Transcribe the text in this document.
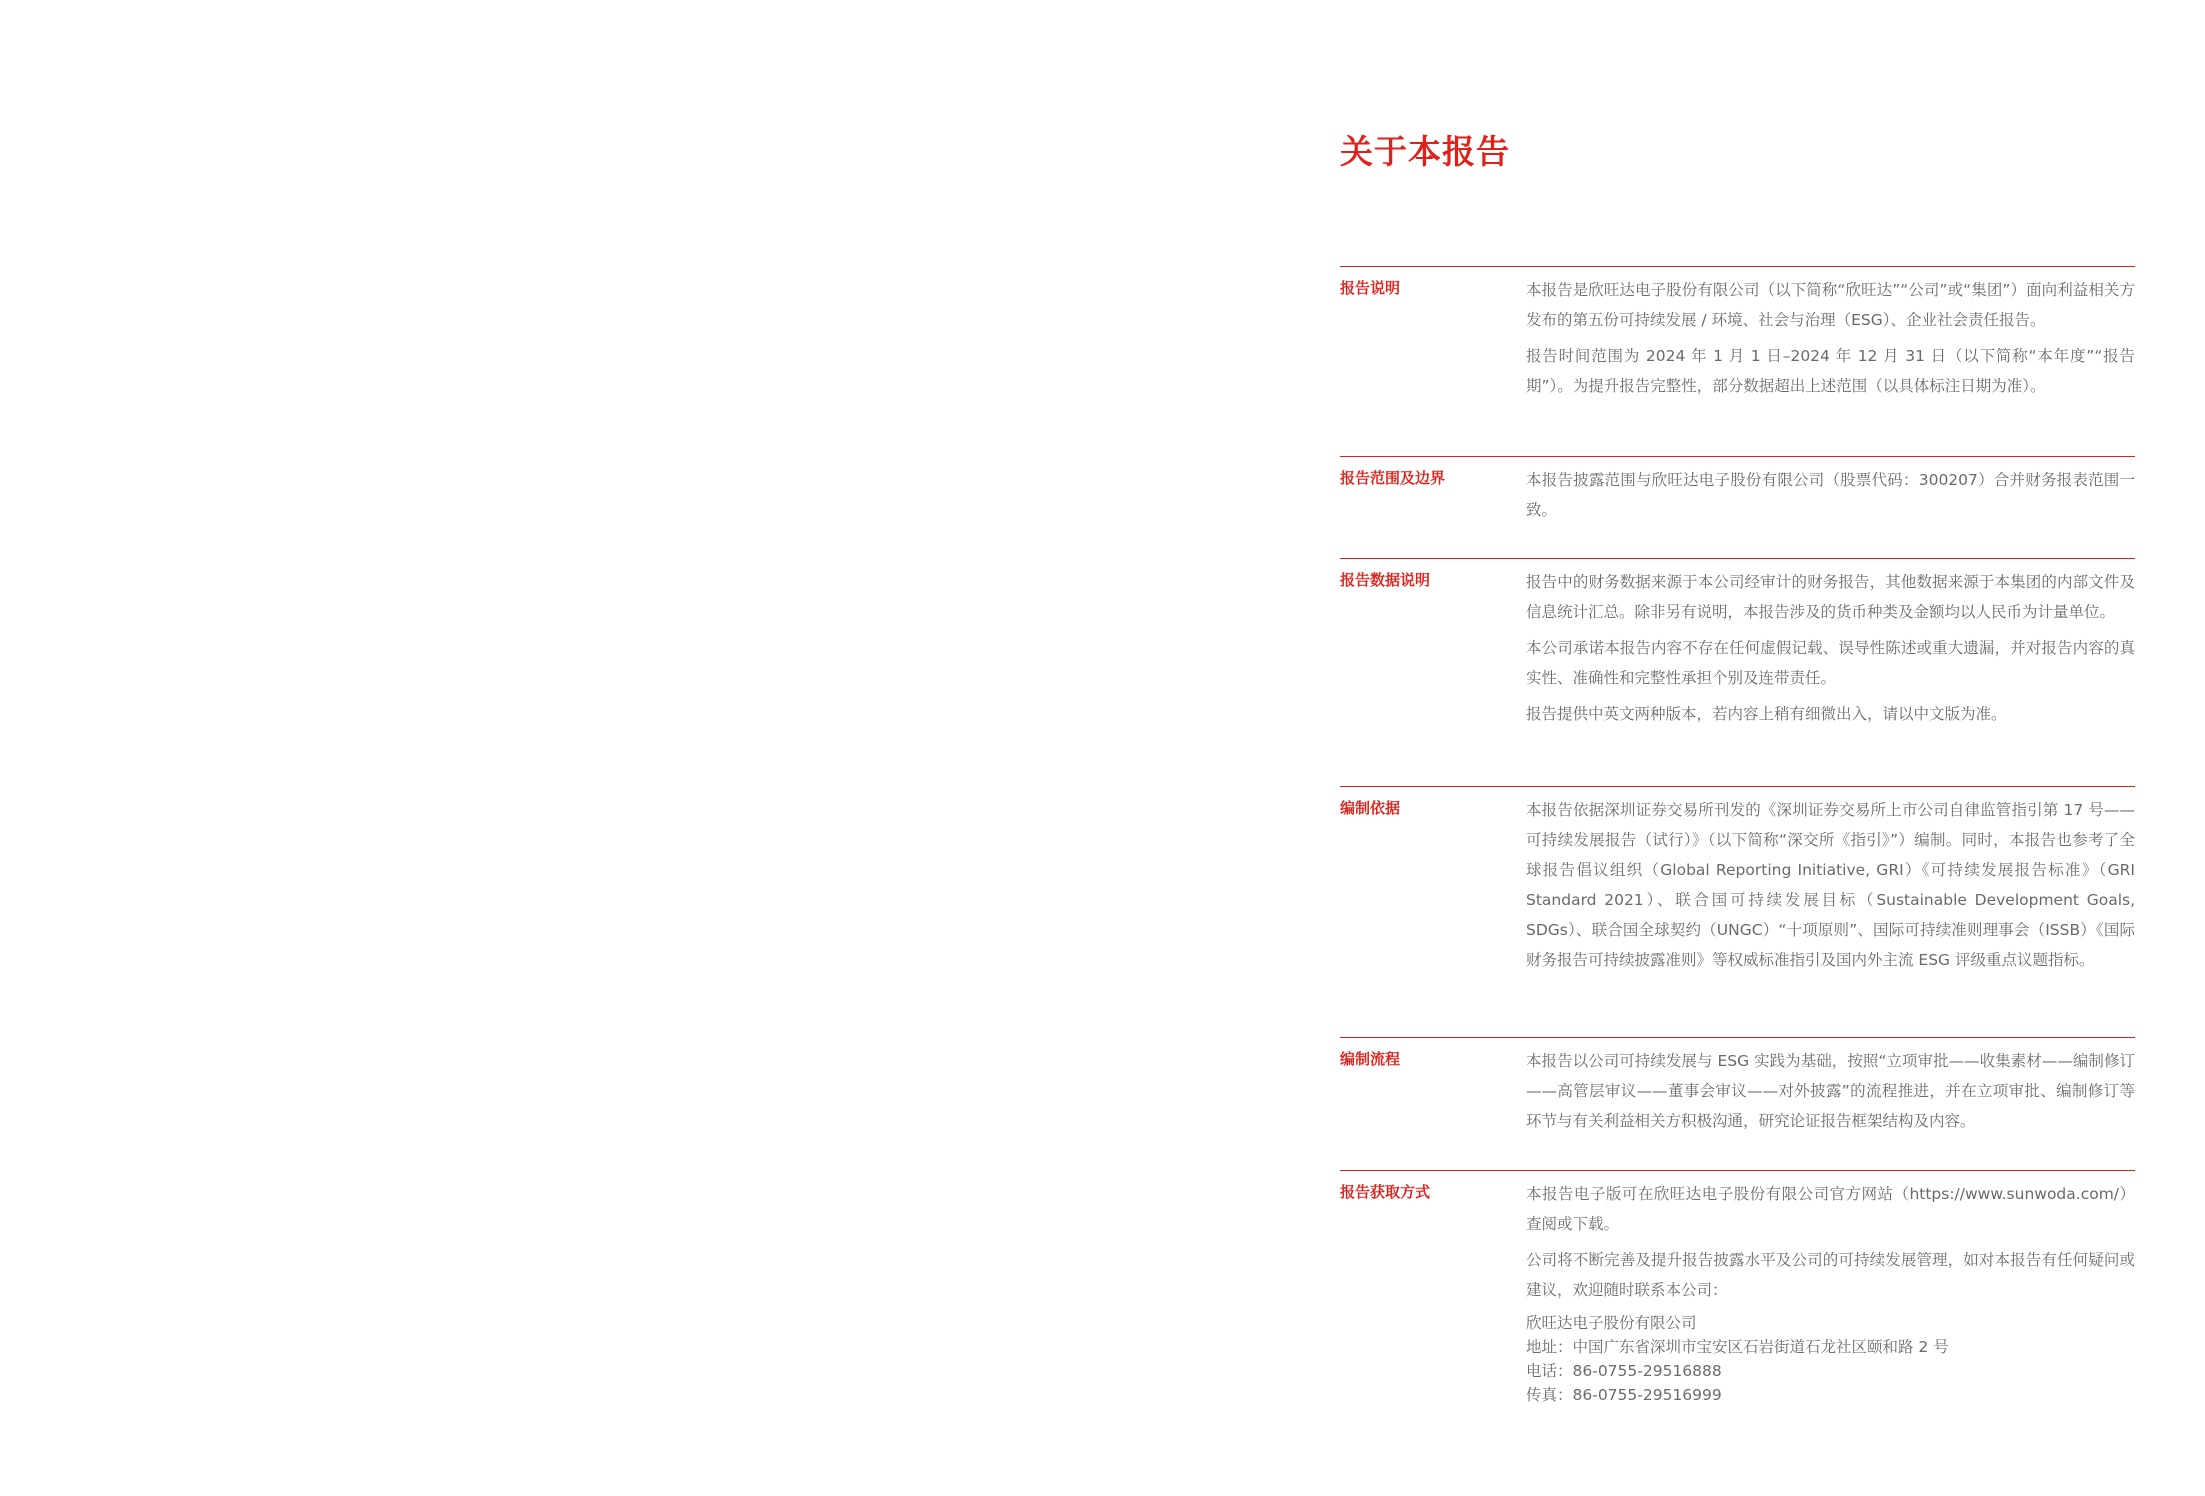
关于本报告
报告说明	本报告是欣旺达电子股份有限公司（以下简称“欣旺达”“公司”或“集团”）面向利益相关方发布的第五份可持续发展 / 环境、社会与治理（ESG）、企业社会责任报告。

报告时间范围为 2024 年 1 月 1 日–2024 年 12 月 31 日（以下简称“本年度”“报告期”）。为提升报告完整性，部分数据超出上述范围（以具体标注日期为准）。

报告范围及边界	本报告披露范围与欣旺达电子股份有限公司（股票代码：300207）合并财务报表范围一致。

报告数据说明	报告中的财务数据来源于本公司经审计的财务报告，其他数据来源于本集团的内部文件及信息统计汇总。除非另有说明，本报告涉及的货币种类及金额均以人民币为计量单位。

本公司承诺本报告内容不存在任何虚假记载、误导性陈述或重大遗漏，并对报告内容的真实性、准确性和完整性承担个别及连带责任。

报告提供中英文两种版本，若内容上稍有细微出入，请以中文版为准。

编制依据	本报告依据深圳证券交易所刊发的《深圳证券交易所上市公司自律监管指引第 17 号——可持续发展报告（试行）》（以下简称“深交所《指引》”）编制。同时，本报告也参考了全球报告倡议组织（Global Reporting Initiative, GRI）《可持续发展报告标准》（GRI Standard 2021）、联合国可持续发展目标（Sustainable Development Goals, SDGs）、联合国全球契约（UNGC）“十项原则”、国际可持续准则理事会（ISSB）《国际财务报告可持续披露准则》等权威标准指引及国内外主流 ESG 评级重点议题指标。

编制流程	本报告以公司可持续发展与 ESG 实践为基础，按照“立项审批——收集素材——编制修订——高管层审议——董事会审议——对外披露”的流程推进，并在立项审批、编制修订等环节与有关利益相关方积极沟通，研究论证报告框架结构及内容。

报告获取方式	本报告电子版可在欣旺达电子股份有限公司官方网站（https://www.sunwoda.com/）查阅或下载。

公司将不断完善及提升报告披露水平及公司的可持续发展管理，如对本报告有任何疑问或建议，欢迎随时联系本公司：

欣旺达电子股份有限公司
地址：中国广东省深圳市宝安区石岩街道石龙社区颐和路 2 号
电话：86-0755-29516888
传真：86-0755-29516999
